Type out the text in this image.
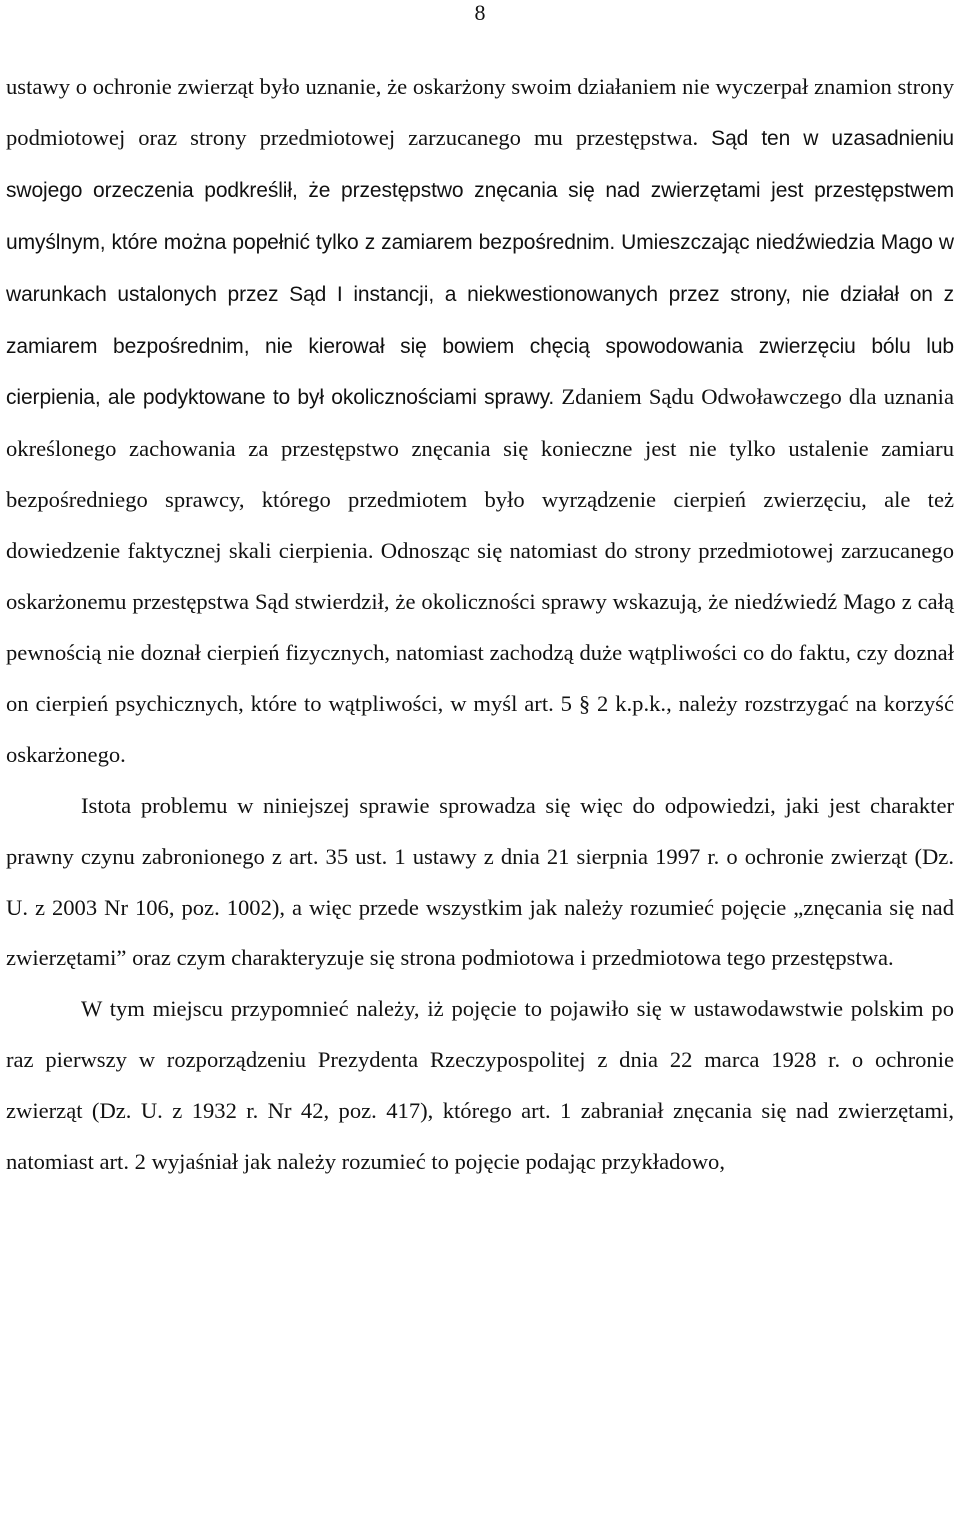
8

ustawy o ochronie zwierząt było uznanie, że oskarżony swoim działaniem nie wyczerpał znamion strony podmiotowej oraz strony przedmiotowej zarzucanego mu przestępstwa. Sąd ten w uzasadnieniu swojego orzeczenia podkreślił, że przestępstwo znęcania się nad zwierzętami jest przestępstwem umyślnym, które można popełnić tylko z zamiarem bezpośrednim. Umieszczając niedźwiedzia Mago w warunkach ustalonych przez Sąd I instancji, a niekwestionowanych przez strony, nie działał on z zamiarem bezpośrednim, nie kierował się bowiem chęcią spowodowania zwierzęciu bólu lub cierpienia, ale podyktowane to był okolicznościami sprawy. Zdaniem Sądu Odwoławczego dla uznania określonego zachowania za przestępstwo znęcania się konieczne jest nie tylko ustalenie zamiaru bezpośredniego sprawcy, którego przedmiotem było wyrządzenie cierpień zwierzęciu, ale też dowiedzenie faktycznej skali cierpienia. Odnosząc się natomiast do strony przedmiotowej zarzucanego oskarżonemu przestępstwa Sąd stwierdził, że okoliczności sprawy wskazują, że niedźwiedź Mago z całą pewnością nie doznał cierpień fizycznych, natomiast zachodzą duże wątpliwości co do faktu, czy doznał on cierpień psychicznych, które to wątpliwości, w myśl art. 5 § 2 k.p.k., należy rozstrzygać na korzyść oskarżonego.

Istota problemu w niniejszej sprawie sprowadza się więc do odpowiedzi, jaki jest charakter prawny czynu zabronionego z art. 35 ust. 1 ustawy z dnia 21 sierpnia 1997 r. o ochronie zwierząt (Dz. U. z 2003 Nr 106, poz. 1002), a więc przede wszystkim jak należy rozumieć pojęcie „znęcania się nad zwierzętami” oraz czym charakteryzuje się strona podmiotowa i przedmiotowa tego przestępstwa.

W tym miejscu przypomnieć należy, iż pojęcie to pojawiło się w ustawodawstwie polskim po raz pierwszy w rozporządzeniu Prezydenta Rzeczypospolitej z dnia 22 marca 1928 r. o ochronie zwierząt (Dz. U. z 1932 r. Nr 42, poz. 417), którego art. 1 zabraniał znęcania się nad zwierzętami, natomiast art. 2 wyjaśniał jak należy rozumieć to pojęcie podając przykładowo,
